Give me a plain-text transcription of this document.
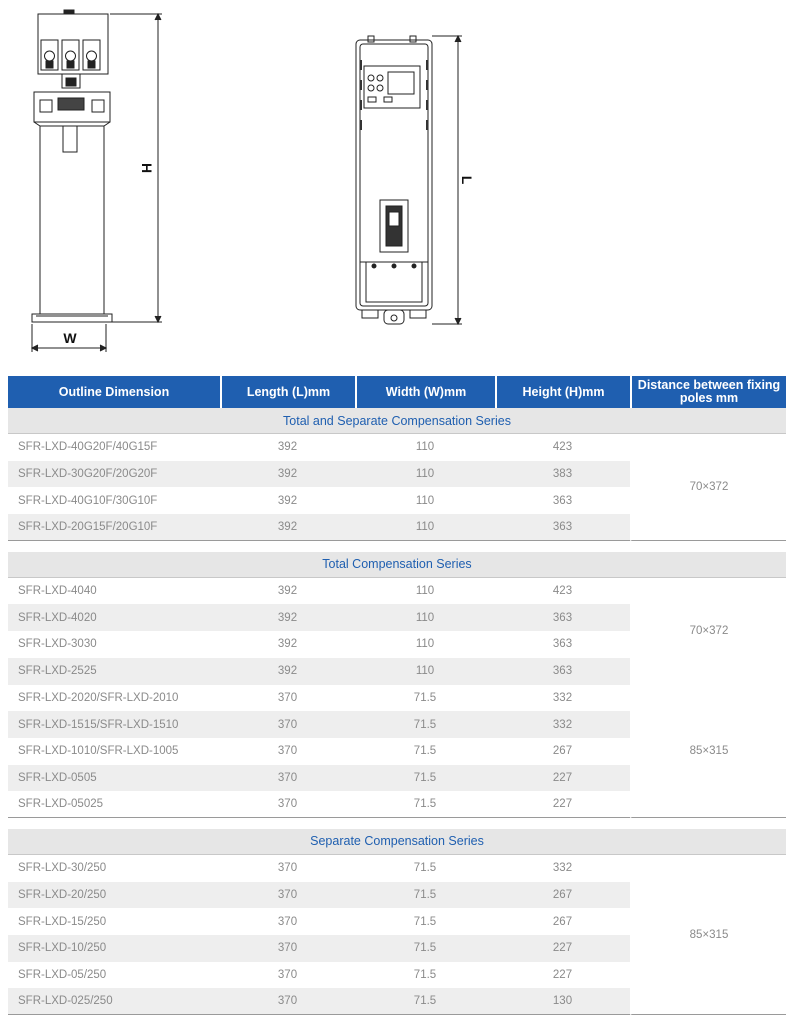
H
W
L
Outline Dimension	Length (L)mm	Width (W)mm	Height (H)mm	Distance between fixing poles mm
Total and Separate Compensation Series				
SFR-LXD-40G20F/40G15F	392	110	423	70×372
SFR-LXD-30G20F/20G20F	392	110	383	
SFR-LXD-40G10F/30G10F	392	110	363	
SFR-LXD-20G15F/20G10F	392	110	363	

Total Compensation Series				
SFR-LXD-4040	392	110	423	70×372
SFR-LXD-4020	392	110	363	
SFR-LXD-3030	392	110	363	
SFR-LXD-2525	392	110	363	
SFR-LXD-2020/SFR-LXD-2010	370	71.5	332	85×315
SFR-LXD-1515/SFR-LXD-1510	370	71.5	332	
SFR-LXD-1010/SFR-LXD-1005	370	71.5	267	
SFR-LXD-0505	370	71.5	227	
SFR-LXD-05025	370	71.5	227	

Separate Compensation Series				
SFR-LXD-30/250	370	71.5	332	85×315
SFR-LXD-20/250	370	71.5	267	
SFR-LXD-15/250	370	71.5	267	
SFR-LXD-10/250	370	71.5	227	
SFR-LXD-05/250	370	71.5	227	
SFR-LXD-025/250	370	71.5	130	
